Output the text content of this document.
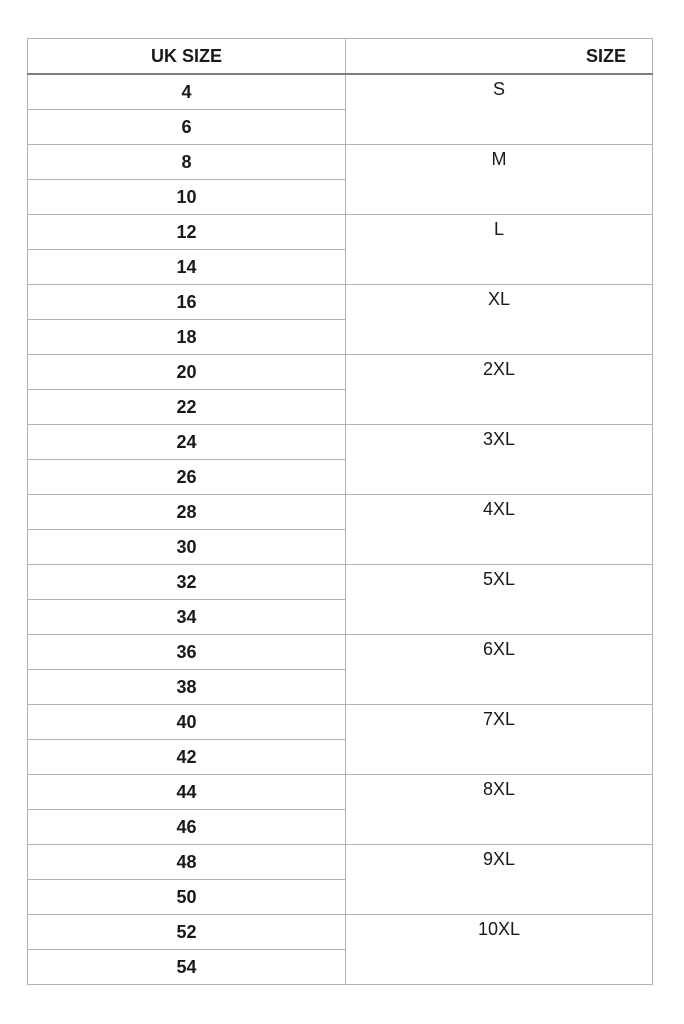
UK SIZE	SIZE
4	S
6	
8	M
10	
12	L
14	
16	XL
18	
20	2XL
22	
24	3XL
26	
28	4XL
30	
32	5XL
34	
36	6XL
38	
40	7XL
42	
44	8XL
46	
48	9XL
50	
52	10XL
54	
